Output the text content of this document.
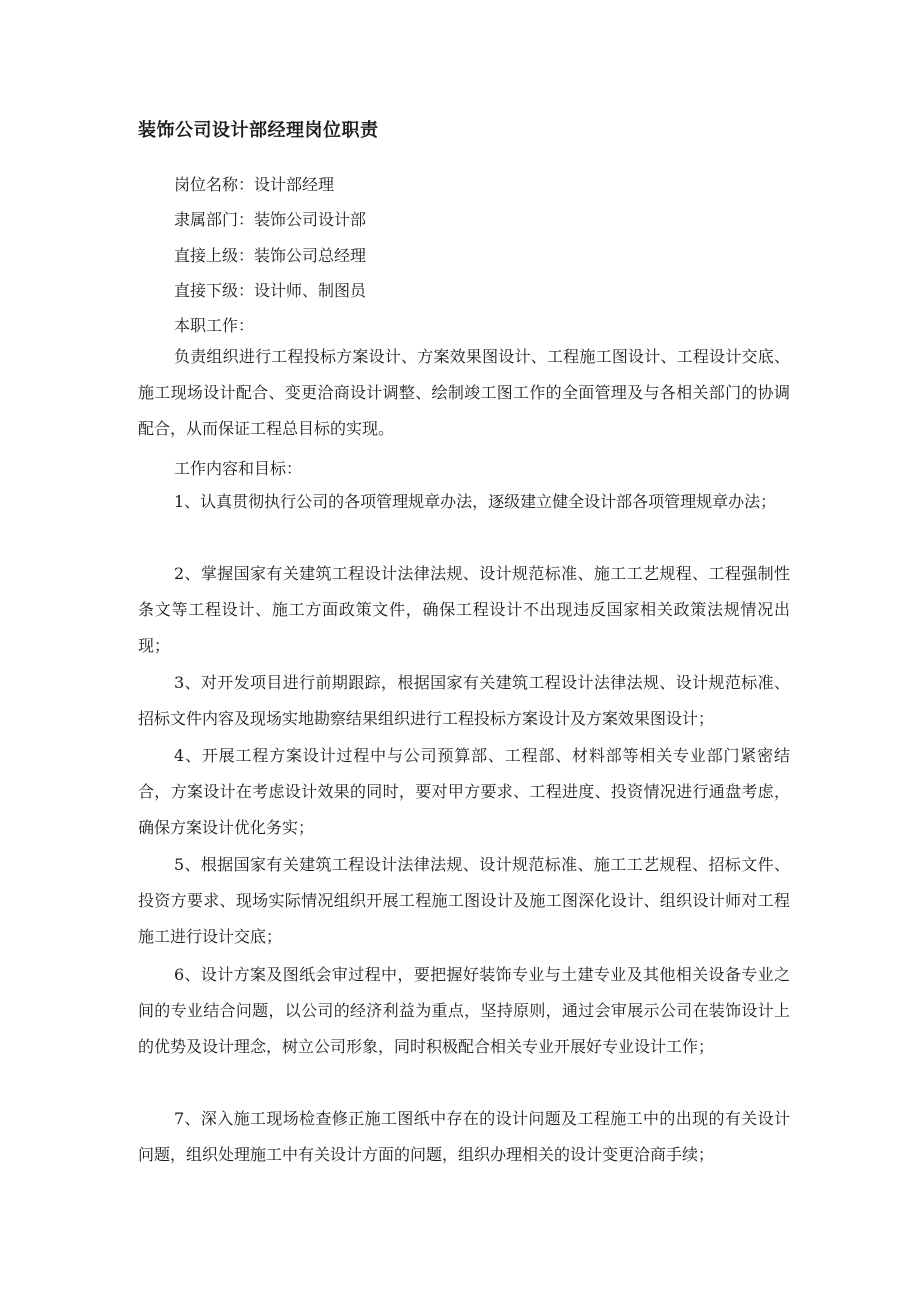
装饰公司设计部经理岗位职责
岗位名称：设计部经理
隶属部门：装饰公司设计部
直接上级：装饰公司总经理
直接下级：设计师、制图员
本职工作：
负责组织进行工程投标方案设计、方案效果图设计、工程施工图设计、工程设计交底、施工现场设计配合、变更洽商设计调整、绘制竣工图工作的全面管理及与各相关部门的协调配合，从而保证工程总目标的实现。
工作内容和目标：
1、认真贯彻执行公司的各项管理规章办法，逐级建立健全设计部各项管理规章办法；
2、掌握国家有关建筑工程设计法律法规、设计规范标准、施工工艺规程、工程强制性条文等工程设计、施工方面政策文件，确保工程设计不出现违反国家相关政策法规情况出现；
3、对开发项目进行前期跟踪，根据国家有关建筑工程设计法律法规、设计规范标准、招标文件内容及现场实地勘察结果组织进行工程投标方案设计及方案效果图设计；
4、开展工程方案设计过程中与公司预算部、工程部、材料部等相关专业部门紧密结合，方案设计在考虑设计效果的同时，要对甲方要求、工程进度、投资情况进行通盘考虑，确保方案设计优化务实；
5、根据国家有关建筑工程设计法律法规、设计规范标准、施工工艺规程、招标文件、投资方要求、现场实际情况组织开展工程施工图设计及施工图深化设计、组织设计师对工程施工进行设计交底；
6、设计方案及图纸会审过程中，要把握好装饰专业与土建专业及其他相关设备专业之间的专业结合问题，以公司的经济利益为重点，坚持原则，通过会审展示公司在装饰设计上的优势及设计理念，树立公司形象，同时积极配合相关专业开展好专业设计工作；
7、深入施工现场检查修正施工图纸中存在的设计问题及工程施工中的出现的有关设计问题，组织处理施工中有关设计方面的问题，组织办理相关的设计变更洽商手续；
